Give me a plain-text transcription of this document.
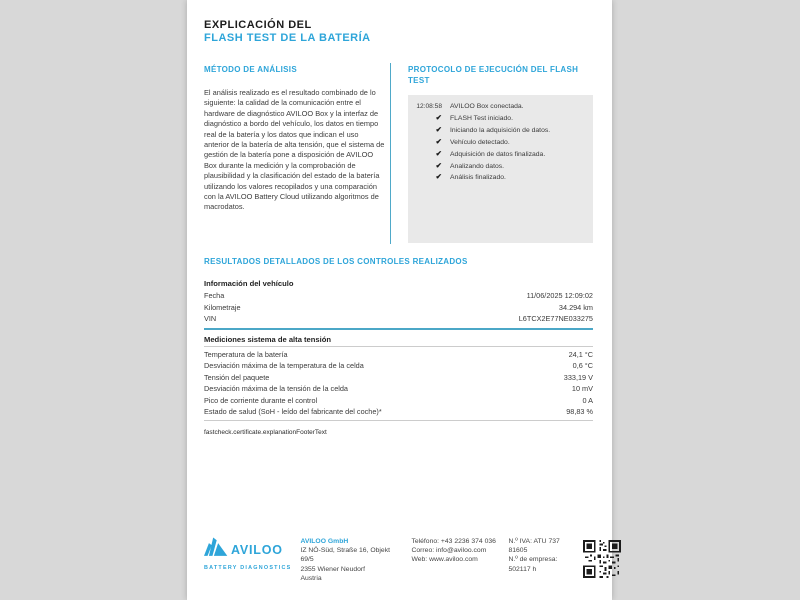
EXPLICACIÓN DEL
FLASH TEST DE LA BATERÍA
MÉTODO DE ANÁLISIS

El análisis realizado es el resultado combinado de lo siguiente: la calidad de la comunicación entre el hardware de diagnóstico AVILOO Box y la interfaz de diagnóstico a bordo del vehículo, los datos en tiempo real de la batería y los datos que indican el uso anterior de la batería de alta tensión, que el sistema de gestión de la batería pone a disposición de AVILOO Box durante la medición y la comprobación de plausibilidad y la clasificación del estado de la batería utilizando los valores recopilados y una comparación con la AVILOO Battery Cloud utilizando algoritmos de macrodatos.

PROTOCOLO DE EJECUCIÓN DEL FLASH TEST
12:08:58 AVILOO Box conectada.
✔ FLASH Test iniciado.
✔ Iniciando la adquisición de datos.
✔ Vehículo detectado.
✔ Adquisición de datos finalizada.
✔ Analizando datos.
✔ Análisis finalizado.
RESULTADOS DETALLADOS DE LOS CONTROLES REALIZADOS
Información del vehículo
Fecha	11/06/2025 12:09:02
Kilometraje	34.294 km
VIN	L6TCX2E77NE033275
Mediciones sistema de alta tensión
Temperatura de la batería	24,1 °C
Desviación máxima de la temperatura de la celda	0,6 °C
Tensión del paquete	333,19 V
Desviación máxima de la tensión de la celda	10 mV
Pico de corriente durante el control	0 A
Estado de salud (SoH - leído del fabricante del coche)*	98,83 %
fastcheck.certificate.explanationFooterText
AVILOO
BATTERY DIAGNOSTICS
AVILOO GmbH
IZ NÖ-Süd, Straße 16, Objekt 69/5
2355 Wiener Neudorf
Austria
Teléfono: +43 2236 374 036
Correo: info@aviloo.com
Web: www.aviloo.com
N.º IVA: ATU 737 81605
N.º de empresa: 502117 h
